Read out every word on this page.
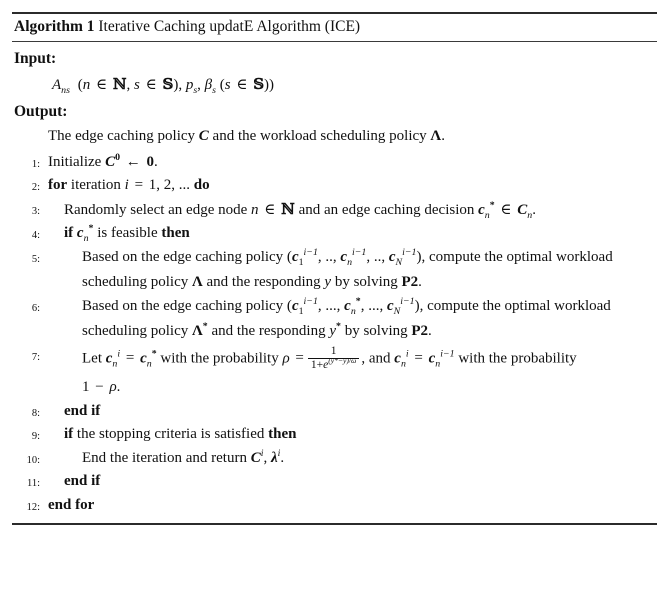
Algorithm 1 Iterative Caching updatE Algorithm (ICE)
Input:
$A_{ns}$ (n ∈ ℕ, s ∈ 𝕊), $p_s$, $\beta_s$ (s ∈ 𝕊))
Output:
The edge caching policy C and the workload scheduling policy Λ.
1: Initialize $C^0$ ← 0.
2: for iteration i = 1, 2, ... do
3:	Randomly select an edge node n ∈ ℕ and an edge caching decision $c_n^*$ ∈ $C_n$.
4:	if $c_n^*$ is feasible then
5:	Based on the edge caching policy ($c_1^{i-1}$, .., $c_n^{i-1}$, .., $c_N^{i-1}$), compute the optimal workload
scheduling policy Λ and the responding y by solving P2.
6:	Based on the edge caching policy ($c_1^{i-1}$, ..., $c_n^*$, ..., $c_N^{i-1}$), compute the optimal workload
scheduling policy Λ* and the responding y* by solving P2.
7:	Let $c_n^i = c_n^*$ with the probability $\rho = \frac{1}{1+e^{(y*-y)/\omega}}$ , and $c_n^i = c_n^{i-1}$ with the probability
1 − ρ.
8:	end if
9:	if the stopping criteria is satisfied then
10:	End the iteration and return $C^i$, $\lambda^i$.
11:	end if
12: end for
